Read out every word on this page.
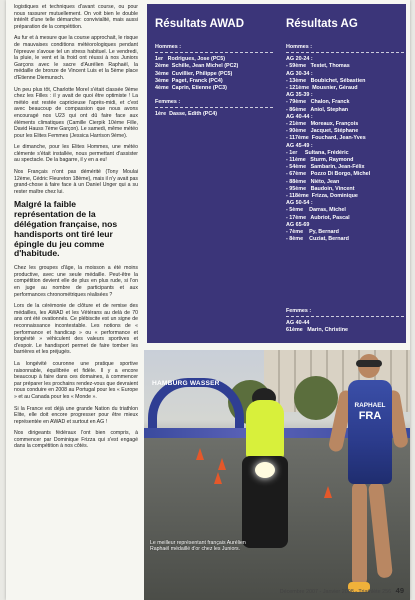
logistiques et techniques d'avant course, ou pour nous rassurer mutuellement. On voit bien le double intérêt d'une telle démarche: convivialité, mais aussi préparation de la compétition.

Au fur et à mesure que la course approchait, le risque de mauvaises conditions météorologiques pendant l'épreuve s'avoue tel un stress habituel. Le vendredi, la pluie, le vent et la froid ont réussi à nos Juniors Garçons avec le sacre d'Aurélien Raphaël, la médaille de bronze de Vincent Luis et la 5ème place d'Etienne Diemunsch.

Un peu plus tôt, Charlotte Morel s'était classée 9ème chez les Filles : il y avait de quoi être optimiste ! La météo est restée capricieuse l'après-midi, et c'est avec beaucoup de compassion que nous avons encouragé nos U23 qui ont dû faire face aux éléments climatiques (Camille Cierpik 10ème Fille, David Hauss 7ème Garçon). Le samedi, même météo pour les Elites Femmes (Jessica Harrison 9ème).

Le dimanche, pour les Elites Hommes, une météo clémente s'était installée, nous permettant d'assister au spectacle. De la bagarre, il y en a eu!

Nos Français n'ont pas démérité (Tony Moulai 12ème, Cédric Fleureton 18ème), mais il n'y avait pas grand-chose à faire face à un Daniel Unger qui a su rester maître chez lui.

Malgré la faible représentation de la délégation française, nos handisports ont tiré leur épingle du jeu comme d'habitude.

Chez les groupes d'âge, la moisson a été moins productive, avec une seule médaille. Peut-être la compétition devient elle de plus en plus rude, si l'on en juge au nombre de participants et aux performances chronométriques réalisées ?

Lors de la cérémonie de clôture et de remise des médailles, les AWAD et les Vétérans au delà de 70 ans ont été ovationnés. Ce plébiscite est un signe de reconnaissance incontestable. Les notions de « performance et handicap » ou « performance et longévité » véhiculent des valeurs sportives et d'espoir. Le handisport permet de faire tomber les barrières et les préjugés.

La longévité couronne une pratique sportive raisonnable, équilibrée et fidèle. Il y a encore beaucoup à faire dans ces domaines, à commencer par préparer les prochains rendez-vous que devraient nous conduire en 2008 au Portugal pour les « Europe » et au Canada pour les « Monde ».

Si la France est déjà une grande Nation du triathlon Elite, elle doit encore progresser pour être mieux représentée en AWAD et surtout en AG !

Nos dirigeants fédéraux l'ont bien compris, à commencer par Dominique Frizza qui s'est engagé dans la compétition à nos côtés.

Résultats AWAD
Hommes :
1er   Rodrigues, Jose (PC5)
2ème  Schille, Jean Michel (PC2)
3ème  Cuvillier, Philippe (PC5)
3ème  Paget, Franck (PC4)
4ème  Caprin, Etienne (PC3)
Femmes :
1ère  Dasse, Edith (PC4)
Résultats AG
Hommes :
AG 20-24 :
- 59ème   Testet, Thomas
AG 30-34 :
- 13ème   Boubichet, Sébastien
- 121ème  Mousnier, Géraud
AG 35-39 :
- 79ème   Chalon, Franck
- 86ème   Aniol, Stephan
AG 40-44 :
- 21ème   Moreaux, François
- 90ème   Jacquet, Stéphane
- 117ème  Fouchard, Jean-Yves
AG 45-49 :
- 1er     Sultana, Frédéric
- 11ème   Sturm, Raymond
- 54ème   Sambarin, Jean-Félix
- 67ème   Pozzo Di Borgo, Michel
- 88ème   Niéto, Jean
- 95ème   Baudoin, Vincent
- 118ème  Frizza, Dominique
AG 50-54 :
- 5ème    Darras, Michel
- 17ème   Aubriot, Pascal
AG 65-69
- 7ème    Py, Bernard
- 8ème    Cuziat, Bernard
Femmes :
AG 40-44
61ème   Marin, Christine
HAMBURG WASSER
RAPHAEL
FRA
Le meilleur représentant français Aurélien Raphaël médaillé d'or chez les Juniors.
Décembre 2007 - Janvier 2008 - Triathlète 256 49
